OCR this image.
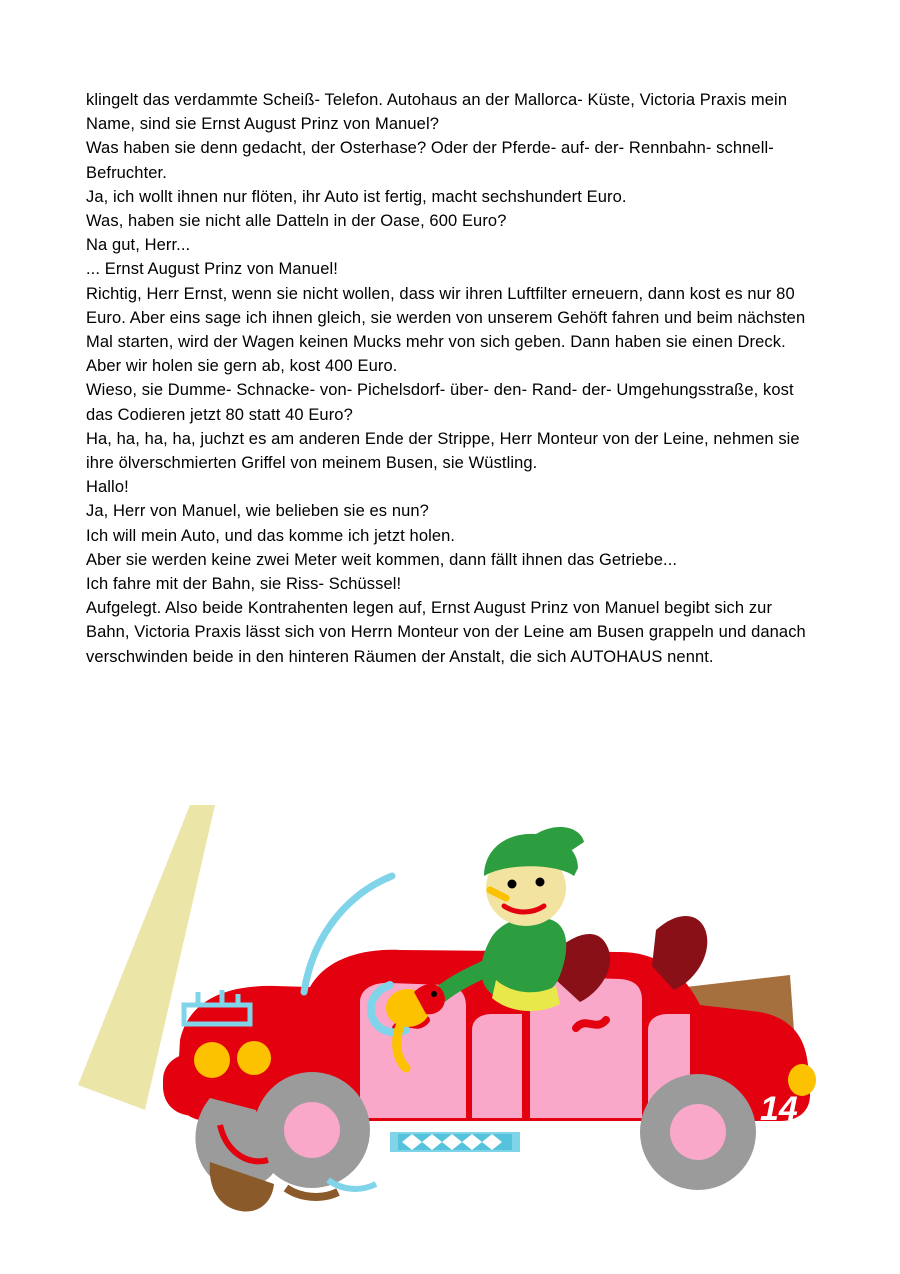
klingelt das verdammte Scheiß- Telefon. Autohaus an der Mallorca- Küste, Victoria Praxis mein Name, sind sie Ernst August Prinz von Manuel?

Was haben sie denn gedacht, der Osterhase? Oder der Pferde- auf- der- Rennbahn- schnell- Befruchter.

Ja, ich wollt ihnen nur flöten, ihr Auto ist fertig, macht sechshundert Euro.

Was, haben sie nicht alle Datteln in der Oase, 600 Euro?

Na gut, Herr...

... Ernst August Prinz von Manuel!

Richtig, Herr Ernst, wenn sie nicht wollen, dass wir ihren Luftfilter erneuern, dann kost es nur 80 Euro. Aber eins sage ich ihnen gleich, sie werden von unserem Gehöft fahren und beim nächsten Mal starten, wird der Wagen keinen Mucks mehr von sich geben. Dann haben sie einen Dreck. Aber wir holen sie gern ab, kost 400 Euro.

Wieso, sie Dumme- Schnacke- von- Pichelsdorf- über- den- Rand- der- Umgehungsstraße, kost das Codieren jetzt 80 statt 40 Euro?

Ha, ha, ha, ha, juchzt es am anderen Ende der Strippe, Herr Monteur von der Leine, nehmen sie ihre ölverschmierten Griffel von meinem Busen, sie Wüstling.

Hallo!

Ja, Herr von Manuel, wie belieben sie es nun?

Ich will mein Auto, und das komme ich jetzt holen.

Aber sie werden keine zwei Meter weit kommen, dann fällt ihnen das Getriebe...

Ich fahre mit der Bahn, sie Riss- Schüssel!

Aufgelegt. Also beide Kontrahenten legen auf, Ernst August Prinz von Manuel begibt sich zur Bahn, Victoria Praxis lässt sich von Herrn Monteur von der Leine am Busen grappeln und danach verschwinden beide in den hinteren Räumen der Anstalt, die sich AUTOHAUS nennt.

14
